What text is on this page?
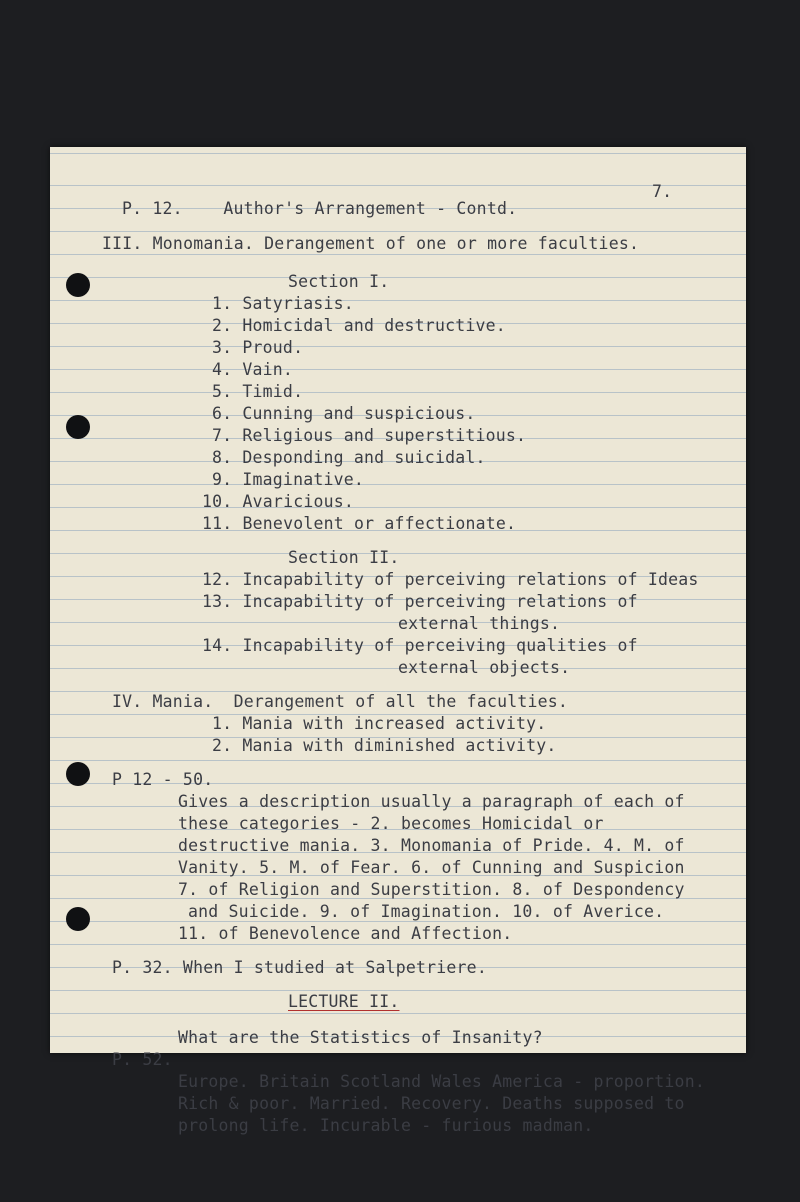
7.
P. 12.    Author's Arrangement - Contd.
III. Monomania. Derangement of one or more faculties.
Section I.
1. Satyriasis.
2. Homicidal and destructive.
3. Proud.
4. Vain.
5. Timid.
6. Cunning and suspicious.
7. Religious and superstitious.
8. Desponding and suicidal.
9. Imaginative.
10. Avaricious.
11. Benevolent or affectionate.
Section II.
12. Incapability of perceiving relations of Ideas
13. Incapability of perceiving relations of
external things.
14. Incapability of perceiving qualities of
external objects.
IV. Mania.  Derangement of all the faculties.
1. Mania with increased activity.
2. Mania with diminished activity.
P 12 - 50.
Gives a description usually a paragraph of each of
these categories - 2. becomes Homicidal or
destructive mania. 3. Monomania of Pride. 4. M. of
Vanity. 5. M. of Fear. 6. of Cunning and Suspicion
7. of Religion and Superstition. 8. of Despondency
and Suicide. 9. of Imagination. 10. of Averice.
11. of Benevolence and Affection.
P. 32. When I studied at Salpetriere.
LECTURE II.
What are the Statistics of Insanity?
P. 52.
Europe. Britain Scotland Wales America - proportion.
Rich & poor. Married. Recovery. Deaths supposed to
prolong life. Incurable - furious madman.
